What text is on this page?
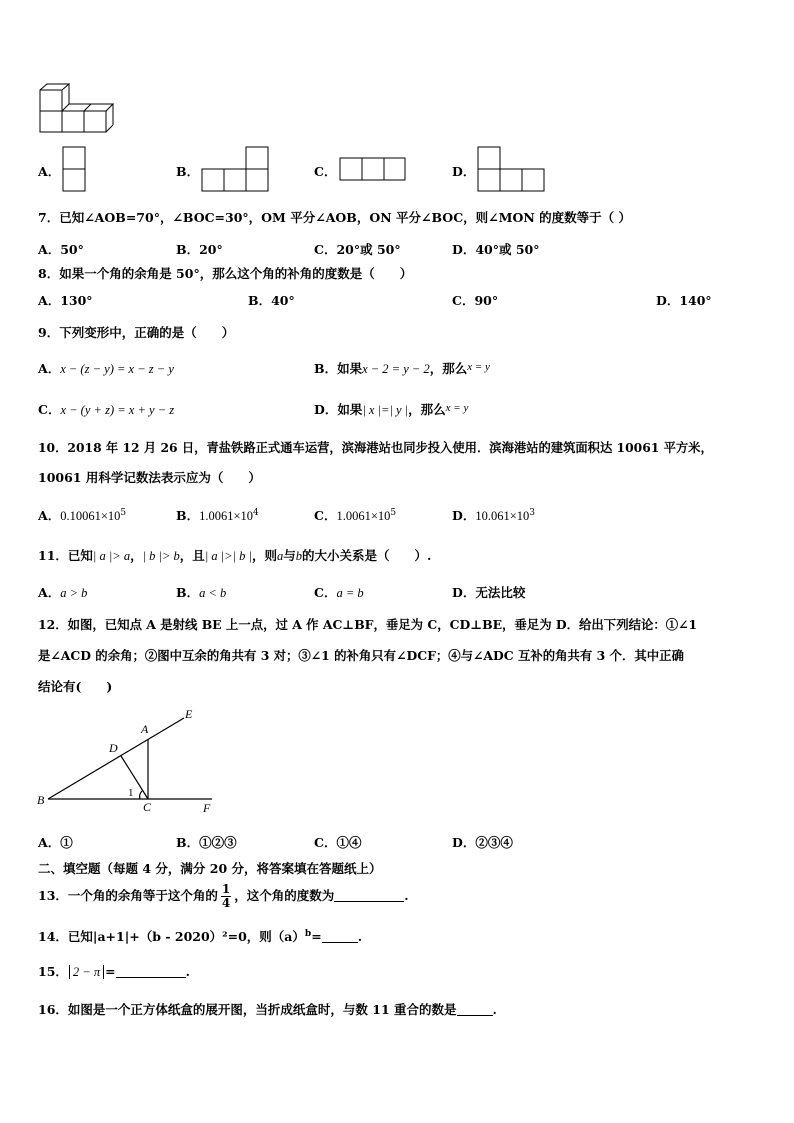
A．	B．	C．	D．
7．已知∠AOB=70°，∠BOC=30°，OM 平分∠AOB，ON 平分∠BOC，则∠MON 的度数等于（ ）
A．50°	B．20°	C．20°或 50°	D．40°或 50°
8．如果一个角的余角是 50°，那么这个角的补角的度数是（　　）
A．130°	B．40°	C．90°	D．140°
9．下列变形中，正确的是（　　）
A．x − (z − y) = x − z − y	B．如果x − 2 = y − 2，那么x = y
C．x − (y + z) = x + y − z	D．如果| x |=| y |，那么x = y
10．2018 年 12 月 26 日，青盐铁路正式通车运营，滨海港站也同步投入使用．滨海港站的建筑面积达 10061 平方米，
10061 用科学记数法表示应为（　　）
A．$0.10061\times 10^5$	B．$1.0061\times 10^4$	C．$1.0061\times 10^5$	D．$10.061\times 10^3$
11．已知| a |> a，| b |> b，且| a |>| b |，则a与b的大小关系是（　　）.
A．a > b	B．a < b	C．a = b	D．无法比较
12．如图，已知点 A 是射线 BE 上一点，过 A 作 AC⊥BF，垂足为 C，CD⊥BE，垂足为 D．给出下列结论：①∠1
是∠ACD 的余角；②图中互余的角共有 3 对；③∠1 的补角只有∠DCF；④与∠ADC 互补的角共有 3 个．其中正确
结论有(　　)
A
E
D
B	C	F
1
A．①	B．①②③	C．①④	D．②③④
二、填空题（每题 4 分，满分 20 分，将答案填在答题纸上）
13．一个角的余角等于这个角的 $\frac{1}{4}$ ，这个角的度数为	.
14．已知|a+1|+（b - 2020）²=0，则$(a)^b=$	.
15． 2 − π =	.
16．如图是一个正方体纸盒的展开图，当折成纸盒时，与数 11 重合的数是	.
